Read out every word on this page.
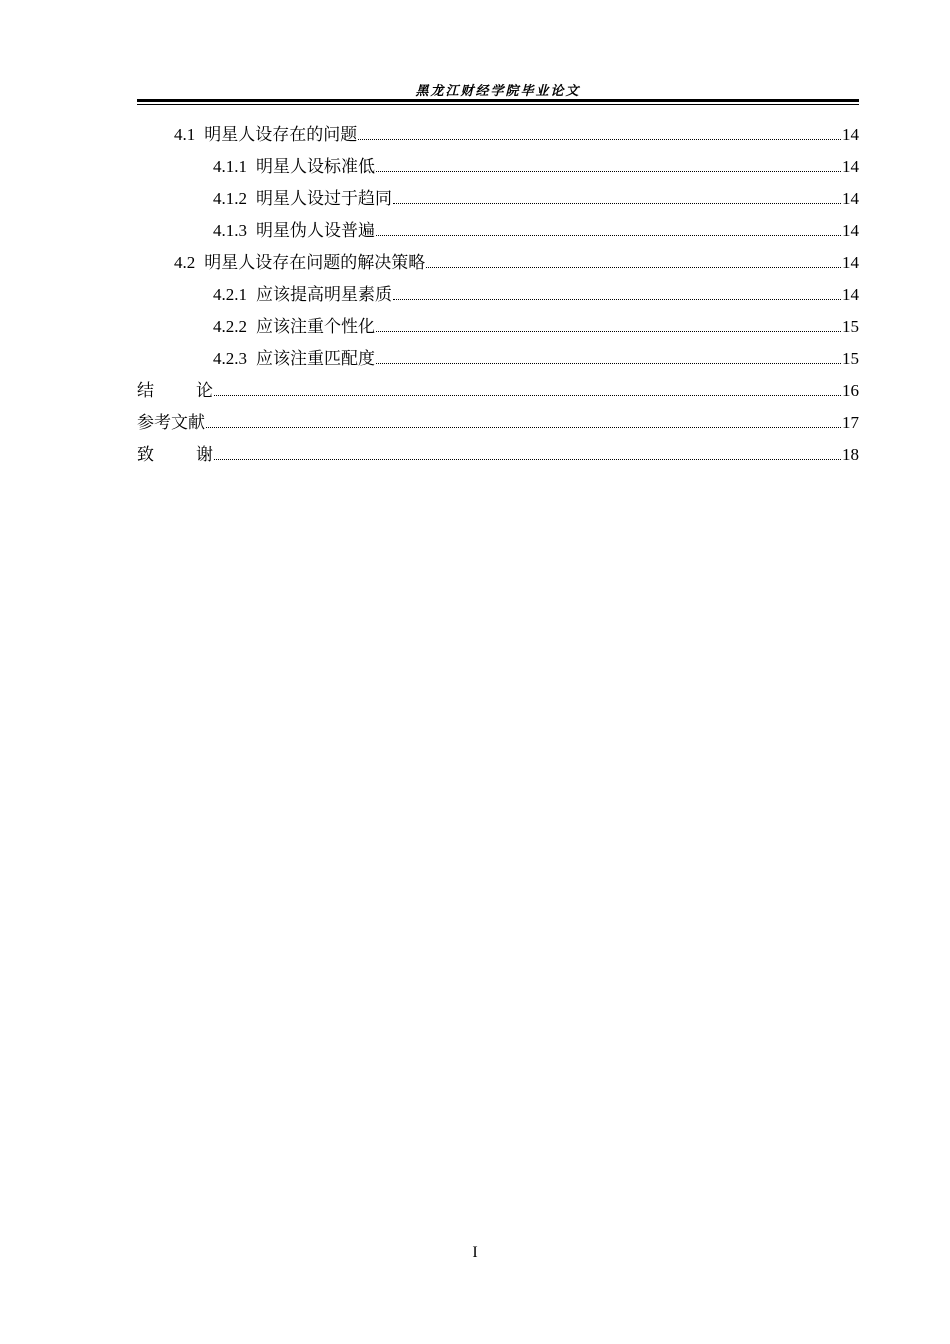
黑龙江财经学院毕业论文
4.1 明星人设存在的问题	14
4.1.1 明星人设标准低	14
4.1.2 明星人设过于趋同	14
4.1.3 明星伪人设普遍	14
4.2 明星人设存在问题的解决策略	14
4.2.1 应该提高明星素质	14
4.2.2 应该注重个性化	15
4.2.3 应该注重匹配度	15
结 论	16
参考文献	17
致 谢	18
I
